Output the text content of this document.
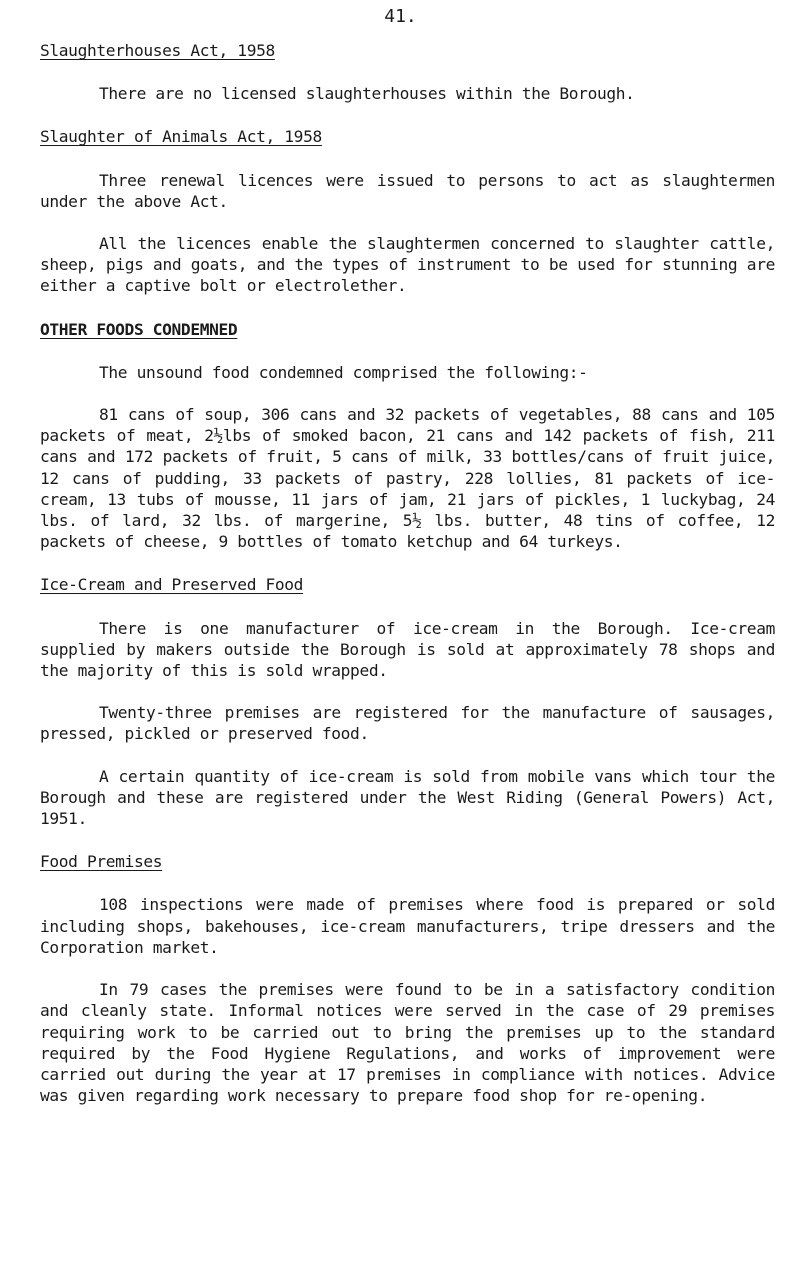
41.
Slaughterhouses Act, 1958

There are no licensed slaughterhouses within the Borough.

Slaughter of Animals Act, 1958

Three renewal licences were issued to persons to act as slaughtermen under the above Act.

All the licences enable the slaughtermen concerned to slaughter cattle, sheep, pigs and goats, and the types of instrument to be used for stunning are either a captive bolt or electrolether.

OTHER FOODS CONDEMNED

The unsound food condemned comprised the following:-

81 cans of soup, 306 cans and 32 packets of vegetables, 88 cans and 105 packets of meat, 2½lbs of smoked bacon, 21 cans and 142 packets of fish, 211 cans and 172 packets of fruit, 5 cans of milk, 33 bottles/cans of fruit juice, 12 cans of pudding, 33 packets of pastry, 228 lollies, 81 packets of ice-cream, 13 tubs of mousse, 11 jars of jam, 21 jars of pickles, 1 luckybag, 24 lbs. of lard, 32 lbs. of margerine, 5½ lbs. butter, 48 tins of coffee, 12 packets of cheese, 9 bottles of tomato ketchup and 64 turkeys.

Ice-Cream and Preserved Food

There is one manufacturer of ice-cream in the Borough. Ice-cream supplied by makers outside the Borough is sold at approximately 78 shops and the majority of this is sold wrapped.

Twenty-three premises are registered for the manufacture of sausages, pressed, pickled or preserved food.

A certain quantity of ice-cream is sold from mobile vans which tour the Borough and these are registered under the West Riding (General Powers) Act, 1951.

Food Premises

108 inspections were made of premises where food is prepared or sold including shops, bakehouses, ice-cream manufacturers, tripe dressers and the Corporation market.

In 79 cases the premises were found to be in a satisfactory condition and cleanly state. Informal notices were served in the case of 29 premises requiring work to be carried out to bring the premises up to the standard required by the Food Hygiene Regulations, and works of improvement were carried out during the year at 17 premises in compliance with notices. Advice was given regarding work necessary to prepare food shop for re-opening.
